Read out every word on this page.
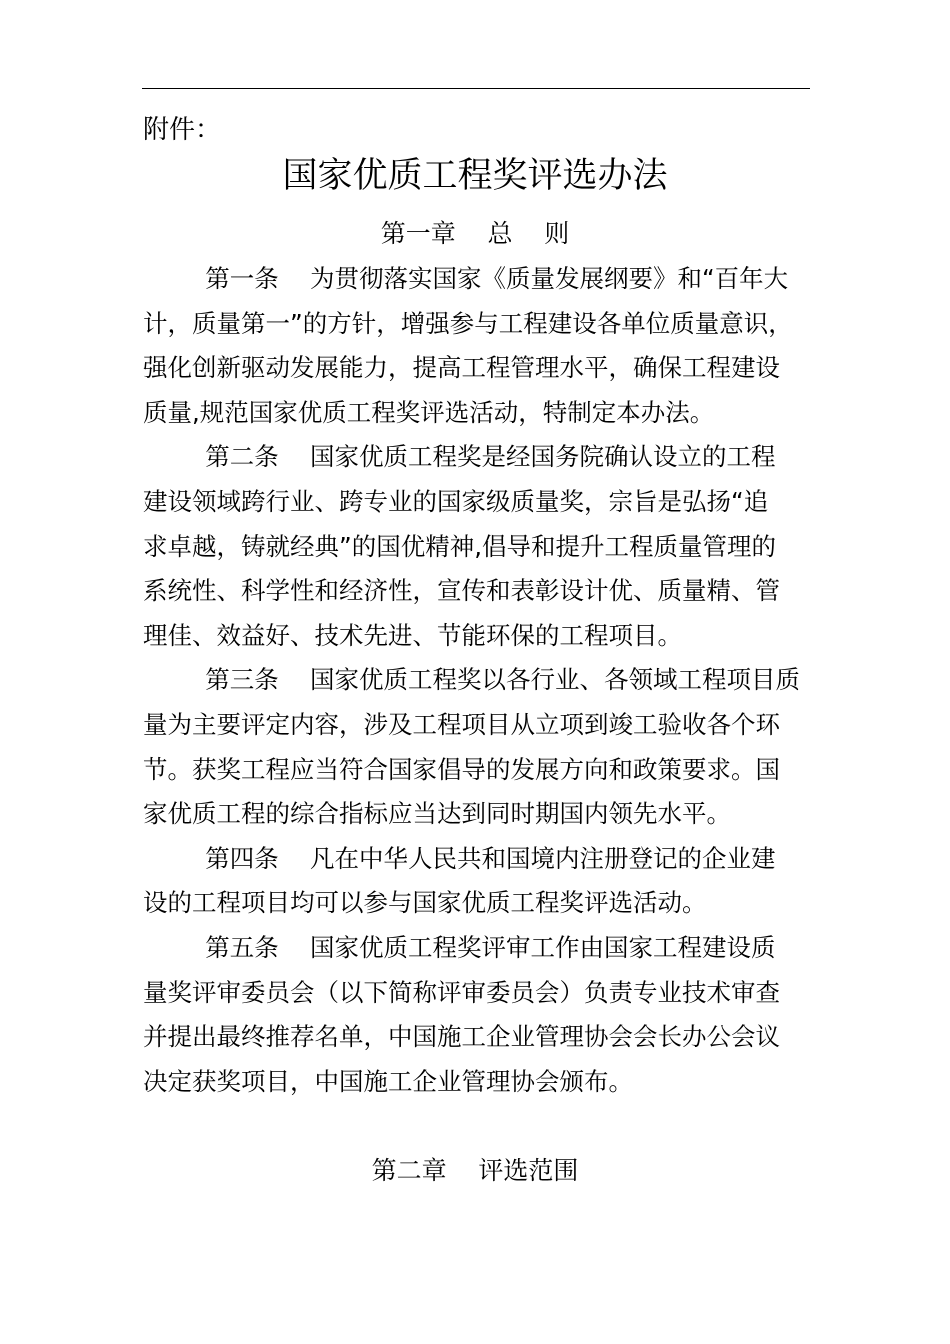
附件：
国家优质工程奖评选办法
第一章    总    则
第一条    为贯彻落实国家《质量发展纲要》和“百年大
计，质量第一”的方针，增强参与工程建设各单位质量意识，
强化创新驱动发展能力，提高工程管理水平，确保工程建设
质量,规范国家优质工程奖评选活动，特制定本办法。
第二条    国家优质工程奖是经国务院确认设立的工程
建设领域跨行业、跨专业的国家级质量奖，宗旨是弘扬“追
求卓越，铸就经典”的国优精神,倡导和提升工程质量管理的
系统性、科学性和经济性，宣传和表彰设计优、质量精、管
理佳、效益好、技术先进、节能环保的工程项目。
第三条    国家优质工程奖以各行业、各领域工程项目质
量为主要评定内容，涉及工程项目从立项到竣工验收各个环
节。获奖工程应当符合国家倡导的发展方向和政策要求。国
家优质工程的综合指标应当达到同时期国内领先水平。
第四条    凡在中华人民共和国境内注册登记的企业建
设的工程项目均可以参与国家优质工程奖评选活动。
第五条    国家优质工程奖评审工作由国家工程建设质
量奖评审委员会（以下简称评审委员会）负责专业技术审查
并提出最终推荐名单，中国施工企业管理协会会长办公会议
决定获奖项目，中国施工企业管理协会颁布。
第二章    评选范围
